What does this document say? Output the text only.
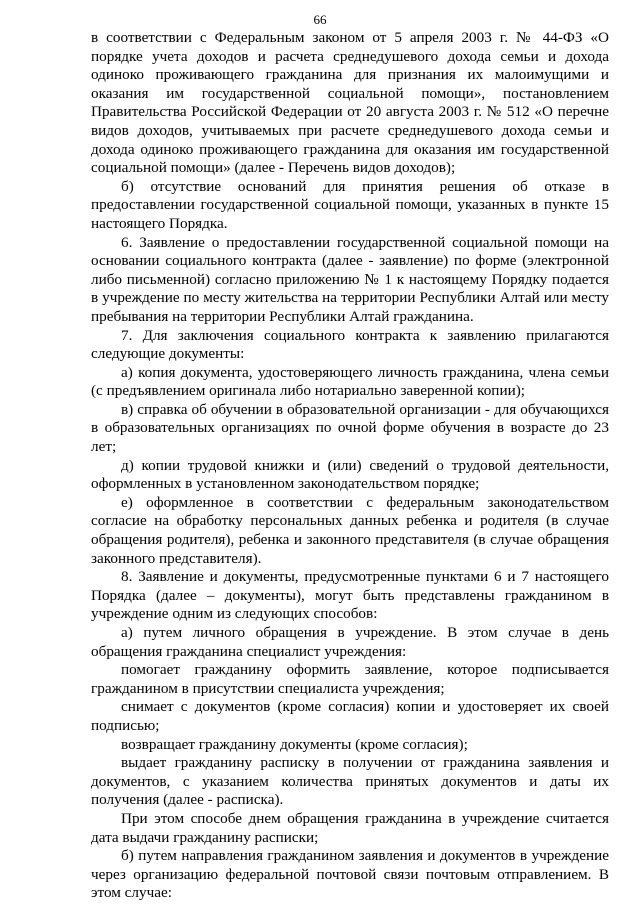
66

в соответствии с Федеральным законом от 5 апреля 2003 г. № 44-ФЗ «О порядке учета доходов и расчета среднедушевого дохода семьи и дохода одиноко проживающего гражданина для признания их малоимущими и оказания им государственной социальной помощи», постановлением Правительства Российской Федерации от 20 августа 2003 г. № 512 «О перечне видов доходов, учитываемых при расчете среднедушевого дохода семьи и дохода одиноко проживающего гражданина для оказания им государственной социальной помощи» (далее - Перечень видов доходов);

б) отсутствие оснований для принятия решения об отказе в предоставлении государственной социальной помощи, указанных в пункте 15 настоящего Порядка.

6. Заявление о предоставлении государственной социальной помощи на основании социального контракта (далее - заявление) по форме (электронной либо письменной) согласно приложению № 1 к настоящему Порядку подается в учреждение по месту жительства на территории Республики Алтай или месту пребывания на территории Республики Алтай гражданина.

7. Для заключения социального контракта к заявлению прилагаются следующие документы:

а) копия документа, удостоверяющего личность гражданина, члена семьи (с предъявлением оригинала либо нотариально заверенной копии);

в) справка об обучении в образовательной организации - для обучающихся в образовательных организациях по очной форме обучения в возрасте до 23 лет;

д) копии трудовой книжки и (или) сведений о трудовой деятельности, оформленных в установленном законодательством порядке;

е) оформленное в соответствии с федеральным законодательством согласие на обработку персональных данных ребенка и родителя (в случае обращения родителя), ребенка и законного представителя (в случае обращения законного представителя).

8. Заявление и документы, предусмотренные пунктами 6 и 7 настоящего Порядка (далее – документы), могут быть представлены гражданином в учреждение одним из следующих способов:

а) путем личного обращения в учреждение. В этом случае в день обращения гражданина специалист учреждения:

помогает гражданину оформить заявление, которое подписывается гражданином в присутствии специалиста учреждения;

снимает с документов (кроме согласия) копии и удостоверяет их своей подписью;

возвращает гражданину документы (кроме согласия);

выдает гражданину расписку в получении от гражданина заявления и документов, с указанием количества принятых документов и даты их получения (далее - расписка).

При этом способе днем обращения гражданина в учреждение считается дата выдачи гражданину расписки;

б) путем направления гражданином заявления и документов в учреждение через организацию федеральной почтовой связи почтовым отправлением. В этом случае:
